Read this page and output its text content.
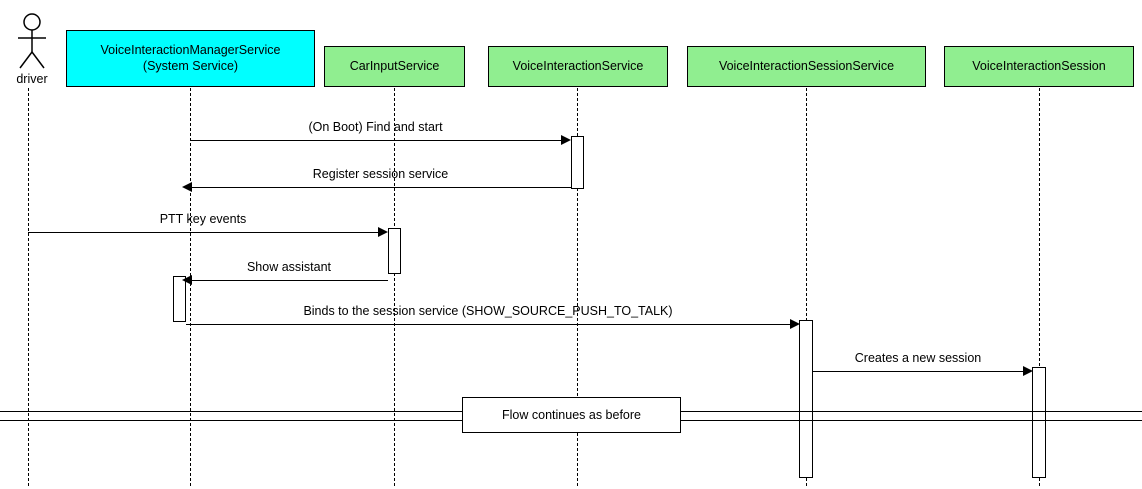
driver
VoiceInteractionManagerService
(System Service)	CarInputService	VoiceInteractionService	VoiceInteractionSessionService	VoiceInteractionSession
(On Boot) Find and start
Register session service
PTT key events
Show assistant
Binds to the session service (SHOW_SOURCE_PUSH_TO_TALK)
Creates a new session
Flow continues as before
